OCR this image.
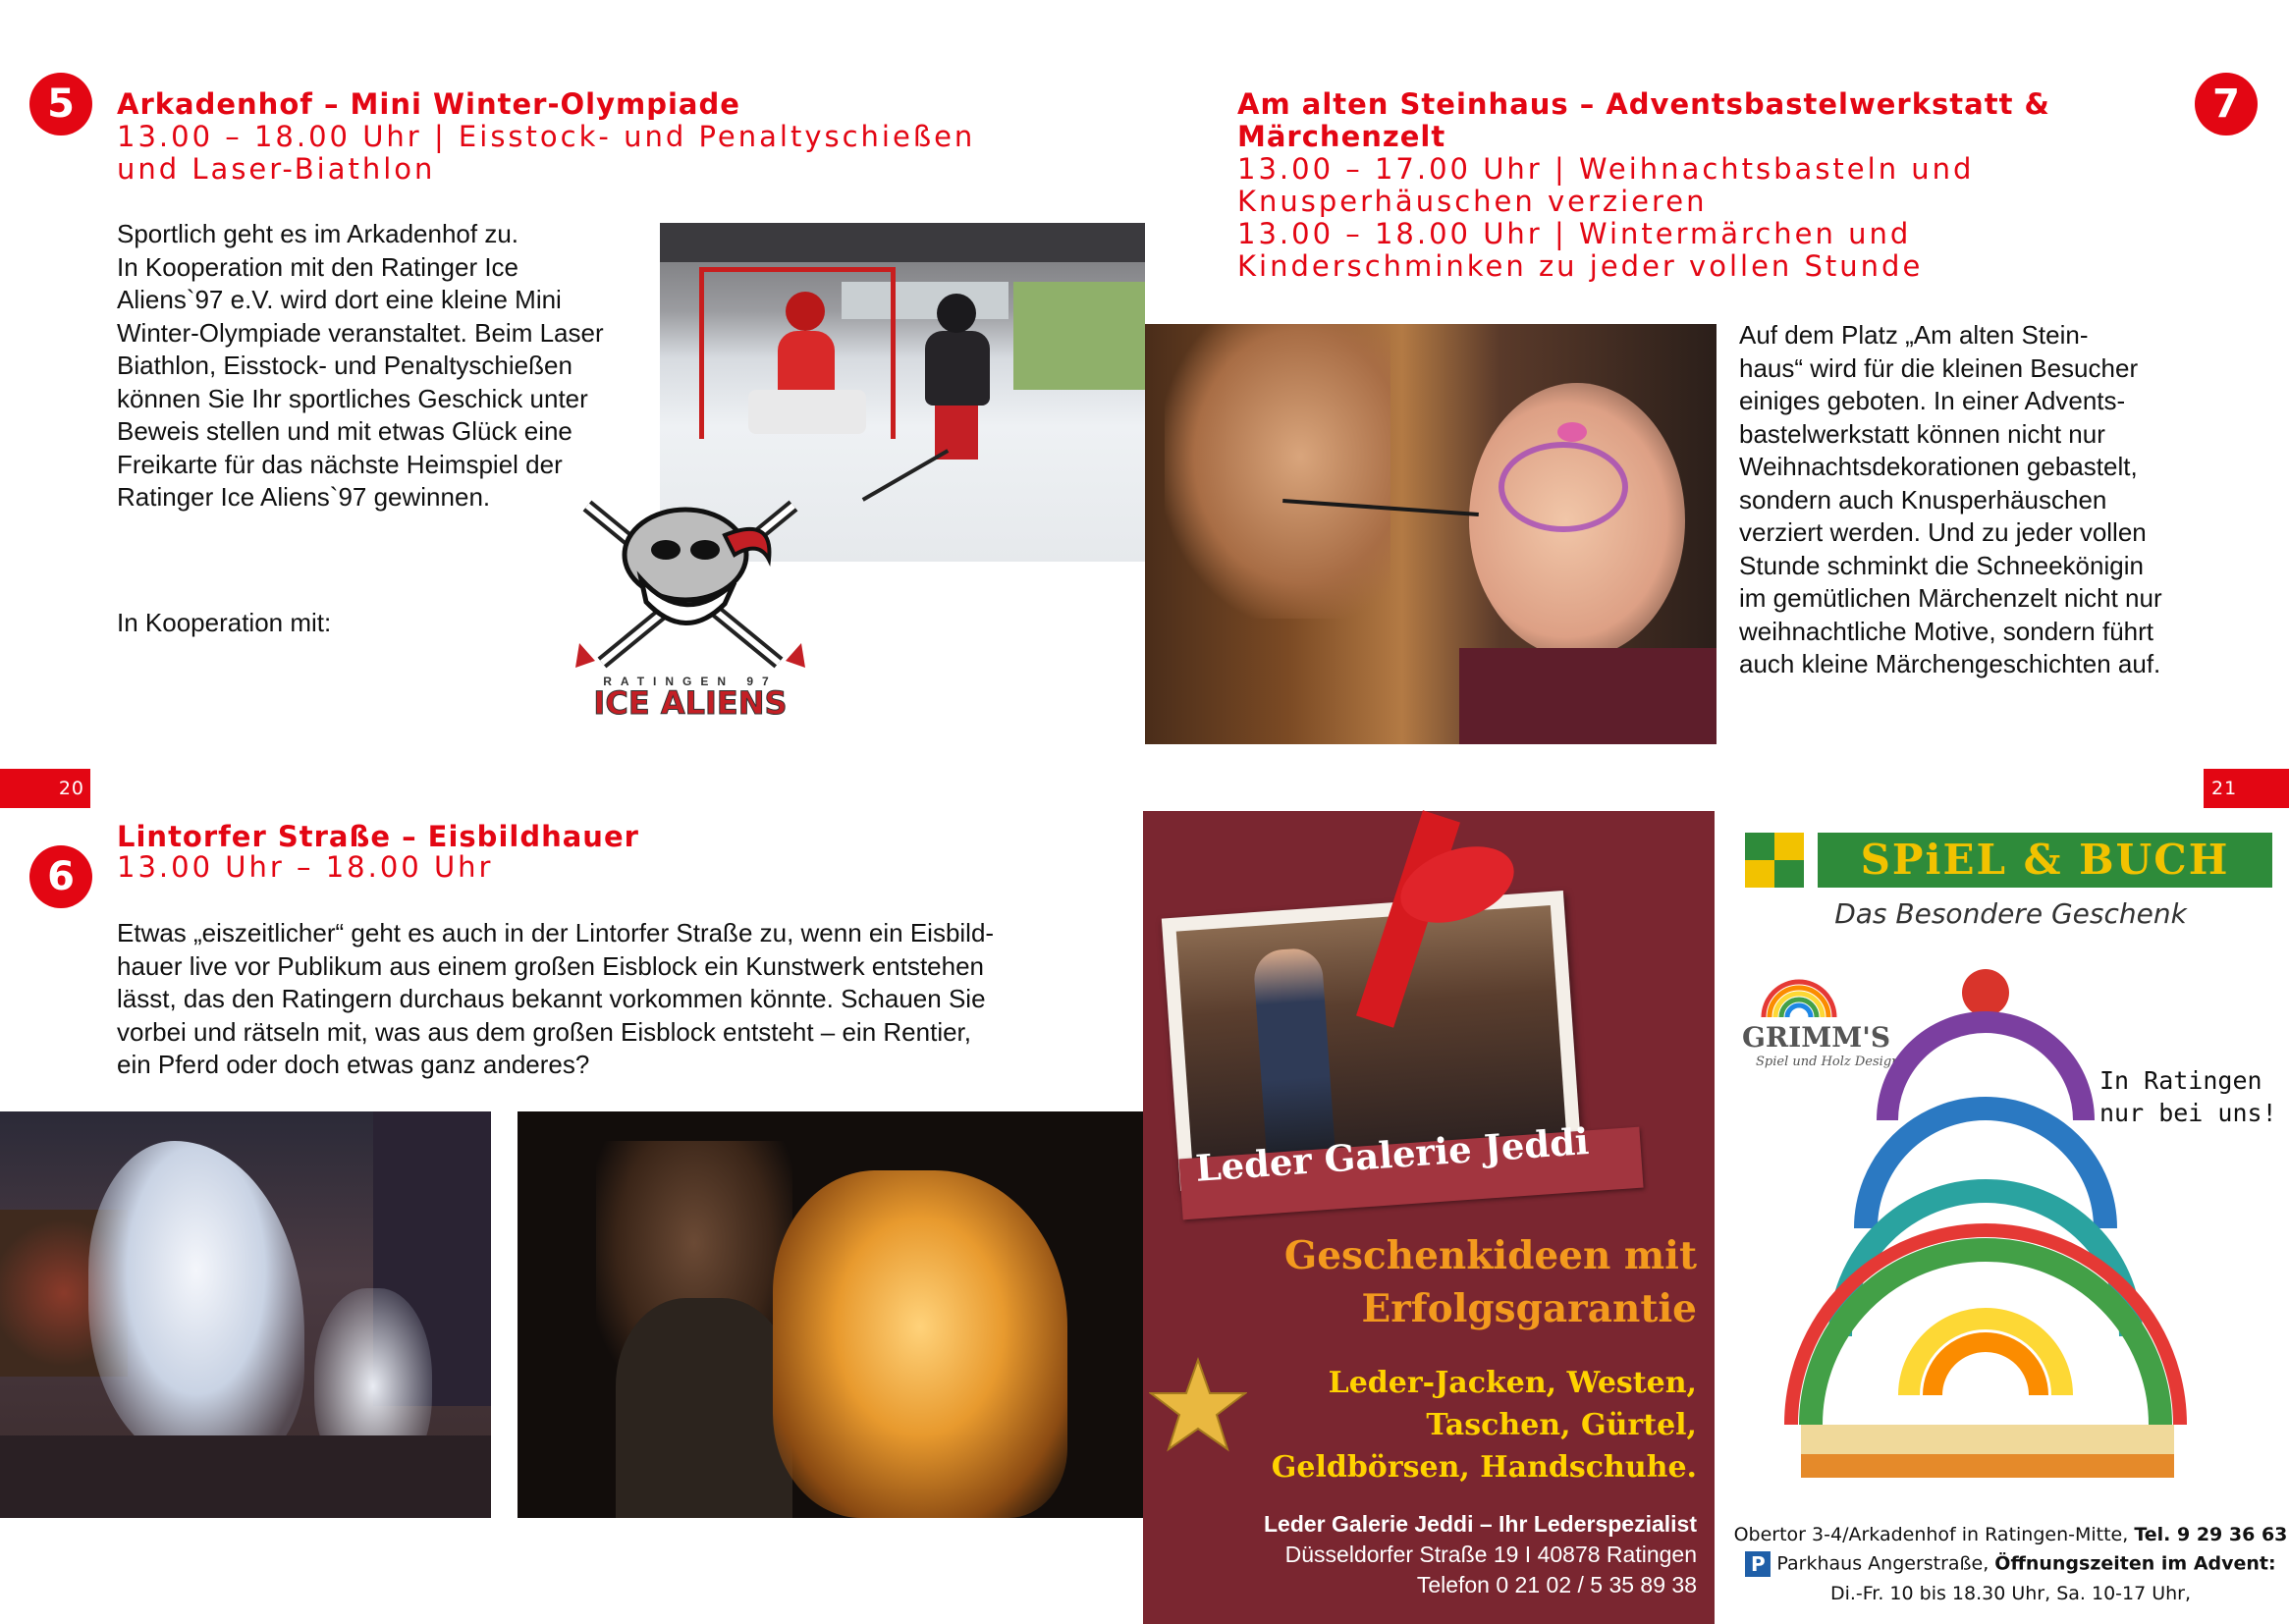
5	Arkadenhof – Mini Winter-Olympiade
13.00 – 18.00 Uhr | Eisstock- und Penaltyschießen
und Laser-Biathlon
Sportlich geht es im Arkadenhof zu.
In Kooperation mit den Ratinger Ice
Aliens`97 e.V. wird dort eine kleine Mini
Winter-Olympiade veranstaltet. Beim Laser
Biathlon, Eisstock- und Penaltyschießen
können Sie Ihr sportliches Geschick unter
Beweis stellen und mit etwas Glück eine
Freikarte für das nächste Heimspiel der
Ratinger Ice Aliens`97 gewinnen.
In Kooperation mit:
RATINGEN 97
ICE ALIENS
Am alten Steinhaus – Adventsbastelwerkstatt &
Märchenzelt
7
13.00 – 17.00 Uhr | Weihnachtsbasteln und
Knusperhäuschen verzieren
13.00 – 18.00 Uhr | Wintermärchen und
Kinderschminken zu jeder vollen Stunde
Auf dem Platz „Am alten Stein-
haus“ wird für die kleinen Besucher
einiges geboten. In einer Advents-
bastelwerkstatt können nicht nur
Weihnachtsdekorationen gebastelt,
sondern auch Knusperhäuschen
verziert werden. Und zu jeder vollen
Stunde schminkt die Schneekönigin
im gemütlichen Märchenzelt nicht nur
weihnachtliche Motive, sondern führt
auch kleine Märchengeschichten auf.
20	21
Lintorfer Straße – Eisbildhauer
6	13.00 Uhr – 18.00 Uhr
Etwas „eiszeitlicher“ geht es auch in der Lintorfer Straße zu, wenn ein Eisbild-
hauer live vor Publikum aus einem großen Eisblock ein Kunstwerk entstehen
lässt, das den Ratingern durchaus bekannt vorkommen könnte. Schauen Sie
vorbei und rätseln mit, was aus dem großen Eisblock entsteht – ein Rentier,
ein Pferd oder doch etwas ganz anderes?
Leder Galerie Jeddi
Geschenkideen mit
Erfolgsgarantie
Leder-Jacken, Westen,
Taschen, Gürtel,
Geldbörsen, Handschuhe.
Leder Galerie Jeddi – Ihr Lederspezialist
Düsseldorfer Straße 19 I 40878 Ratingen
Telefon 0 21 02 / 5 35 89 38
SPiEL & BUCH
Das Besondere Geschenk
GRIMM'S
Spiel und Holz Design
In Ratingen
nur bei uns!
Obertor 3-4/Arkadenhof in Ratingen-Mitte, Tel. 9 29 36 63
P Parkhaus Angerstraße, Öffnungszeiten im Advent:
Di.-Fr. 10 bis 18.30 Uhr, Sa. 10-17 Uhr,
